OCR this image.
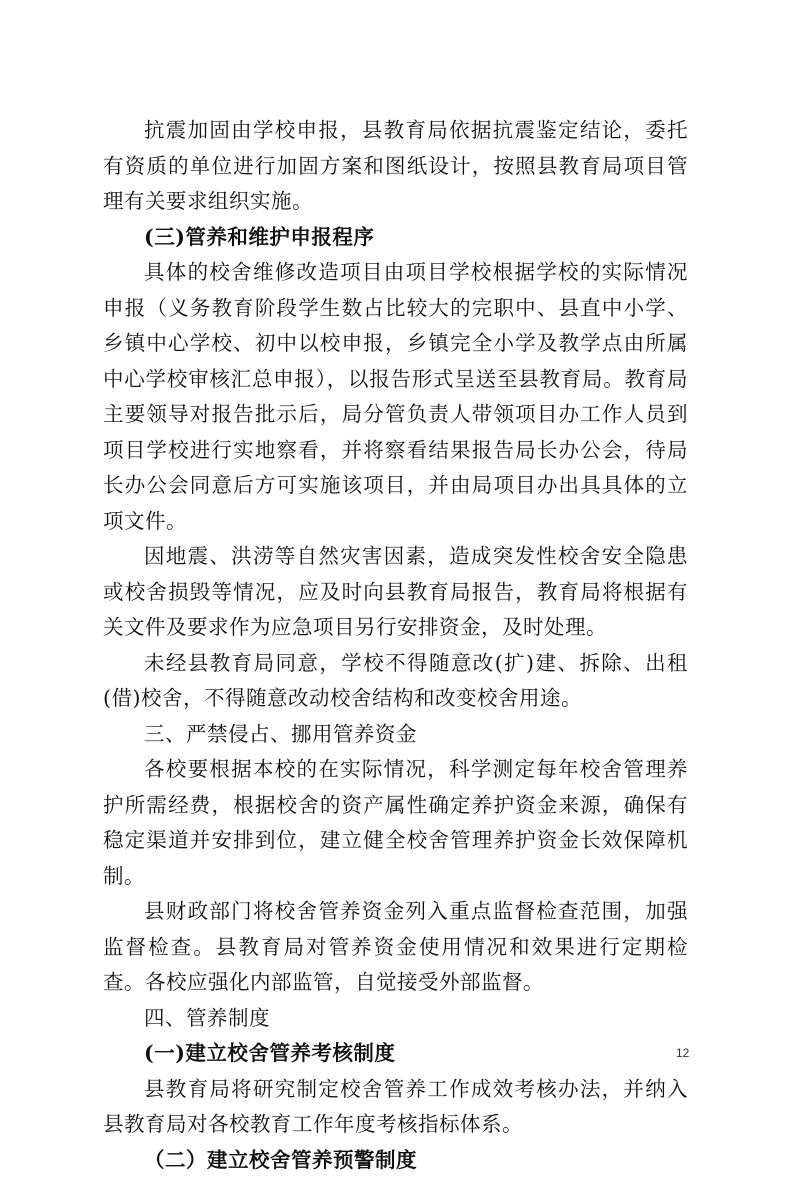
抗震加固由学校申报，县教育局依据抗震鉴定结论，委托有资质的单位进行加固方案和图纸设计，按照县教育局项目管理有关要求组织实施。

(三)管养和维护申报程序

具体的校舍维修改造项目由项目学校根据学校的实际情况申报（义务教育阶段学生数占比较大的完职中、县直中小学、乡镇中心学校、初中以校申报，乡镇完全小学及教学点由所属中心学校审核汇总申报），以报告形式呈送至县教育局。教育局主要领导对报告批示后，局分管负责人带领项目办工作人员到项目学校进行实地察看，并将察看结果报告局长办公会，待局长办公会同意后方可实施该项目，并由局项目办出具具体的立项文件。

因地震、洪涝等自然灾害因素，造成突发性校舍安全隐患或校舍损毁等情况，应及时向县教育局报告，教育局将根据有关文件及要求作为应急项目另行安排资金，及时处理。

未经县教育局同意，学校不得随意改(扩)建、拆除、出租(借)校舍，不得随意改动校舍结构和改变校舍用途。

三、严禁侵占、挪用管养资金

各校要根据本校的在实际情况，科学测定每年校舍管理养护所需经费，根据校舍的资产属性确定养护资金来源，确保有稳定渠道并安排到位，建立健全校舍管理养护资金长效保障机制。

县财政部门将校舍管养资金列入重点监督检查范围，加强监督检查。县教育局对管养资金使用情况和效果进行定期检查。各校应强化内部监管，自觉接受外部监督。

四、管养制度

(一)建立校舍管养考核制度

县教育局将研究制定校舍管养工作成效考核办法，并纳入县教育局对各校教育工作年度考核指标体系。

（二）建立校舍管养预警制度

12
